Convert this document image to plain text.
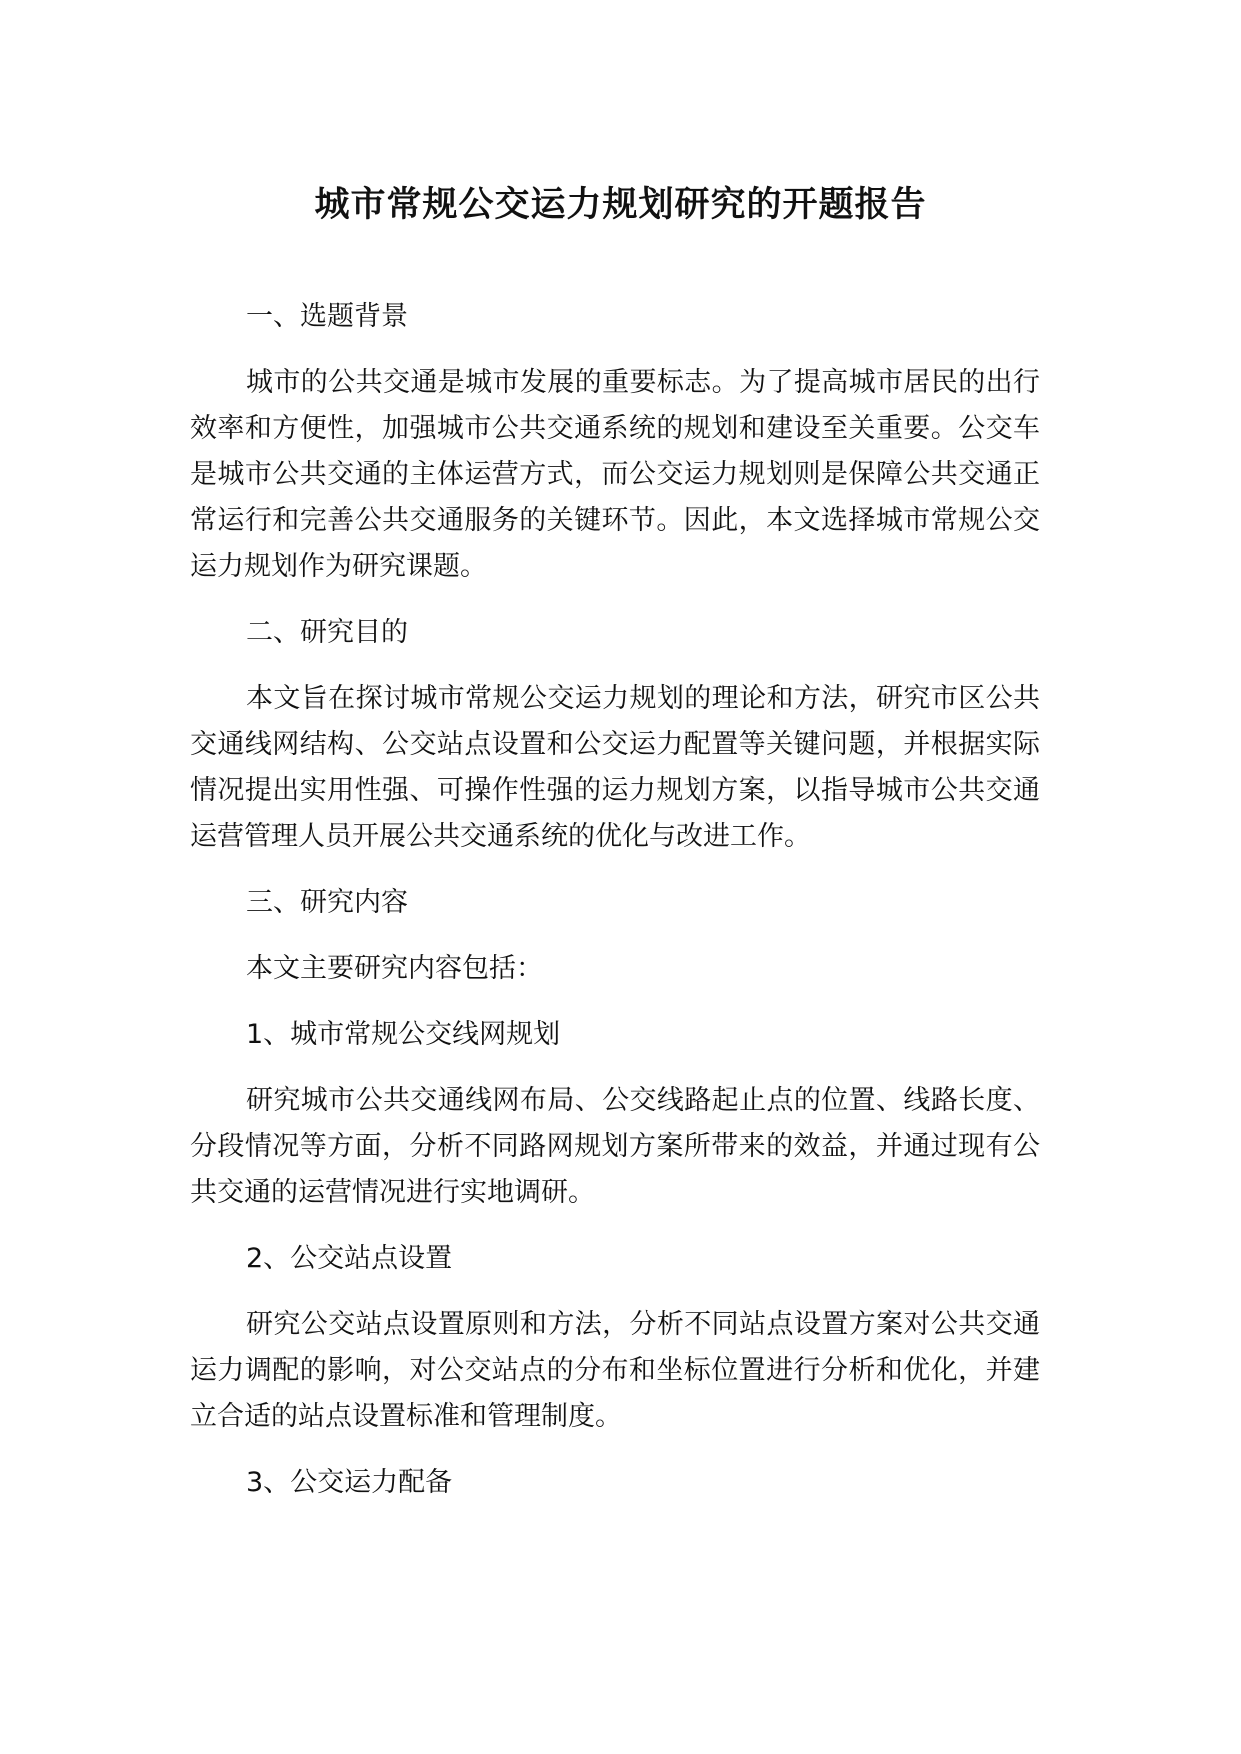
城市常规公交运力规划研究的开题报告

一、选题背景

城市的公共交通是城市发展的重要标志。为了提高城市居民的出行效率和方便性，加强城市公共交通系统的规划和建设至关重要。公交车是城市公共交通的主体运营方式，而公交运力规划则是保障公共交通正常运行和完善公共交通服务的关键环节。因此，本文选择城市常规公交运力规划作为研究课题。

二、研究目的

本文旨在探讨城市常规公交运力规划的理论和方法，研究市区公共交通线网结构、公交站点设置和公交运力配置等关键问题，并根据实际情况提出实用性强、可操作性强的运力规划方案，以指导城市公共交通运营管理人员开展公共交通系统的优化与改进工作。

三、研究内容

本文主要研究内容包括：

1、城市常规公交线网规划

研究城市公共交通线网布局、公交线路起止点的位置、线路长度、分段情况等方面，分析不同路网规划方案所带来的效益，并通过现有公共交通的运营情况进行实地调研。

2、公交站点设置

研究公交站点设置原则和方法，分析不同站点设置方案对公共交通运力调配的影响，对公交站点的分布和坐标位置进行分析和优化，并建立合适的站点设置标准和管理制度。

3、公交运力配备
